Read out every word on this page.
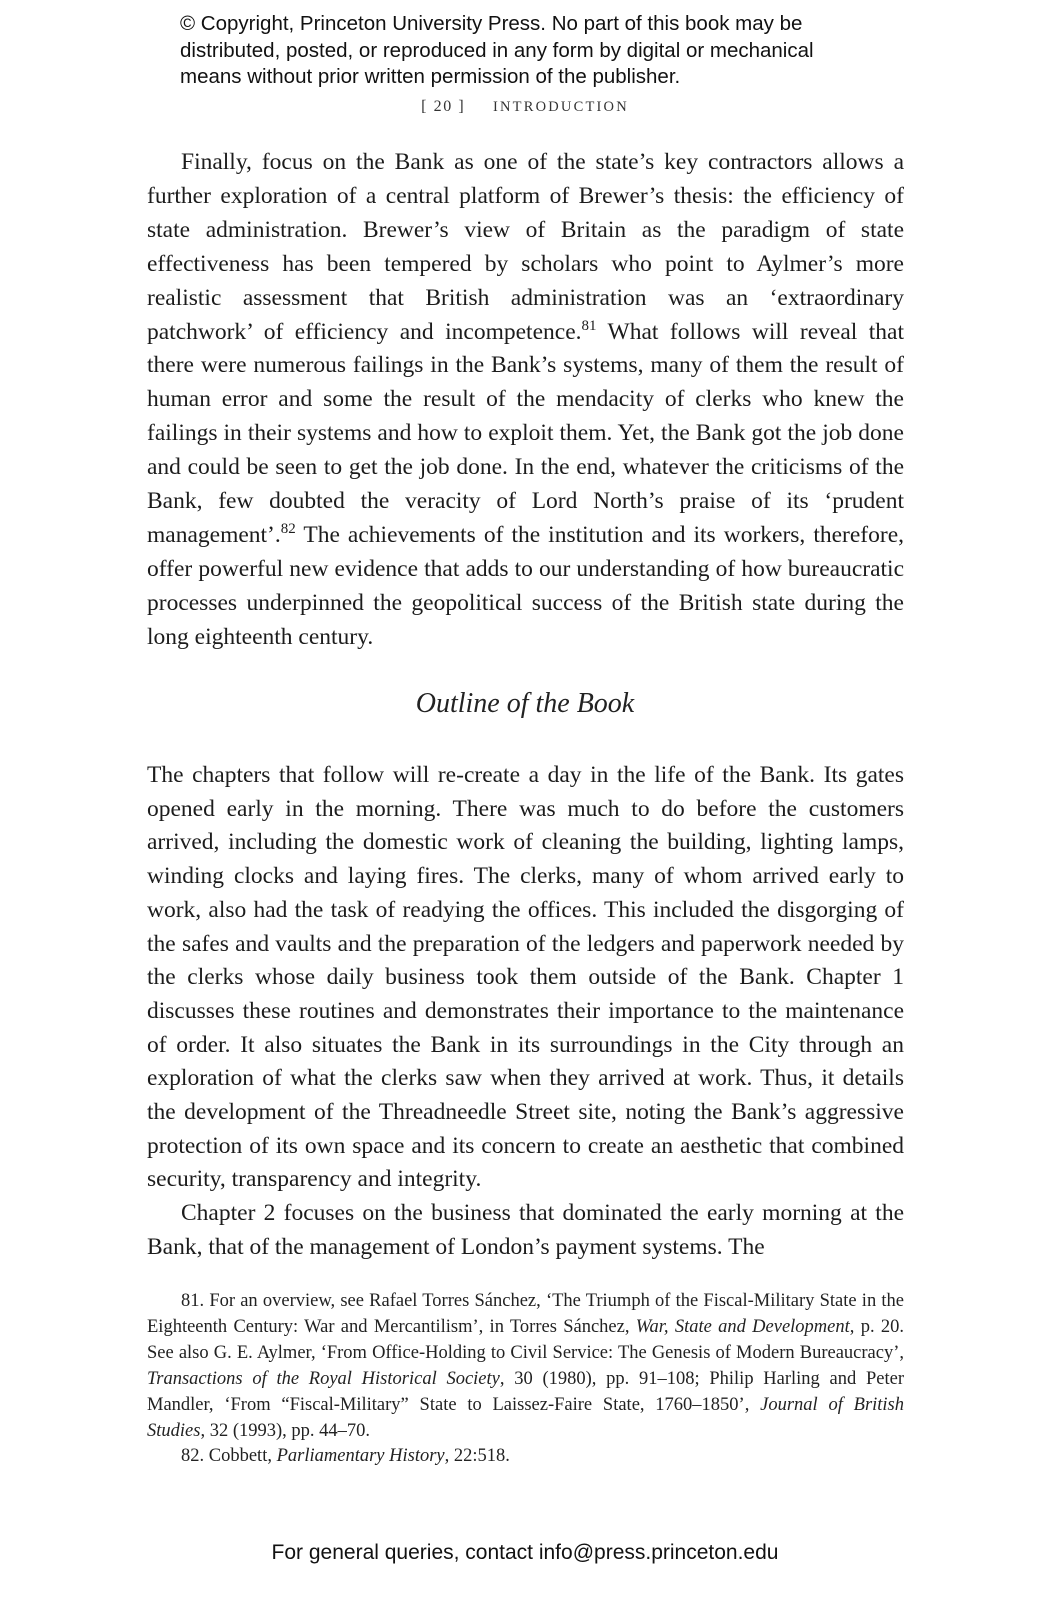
© Copyright, Princeton University Press. No part of this book may be
distributed, posted, or reproduced in any form by digital or mechanical
means without prior written permission of the publisher.
[ 20 ] INTRODUCTION

Finally, focus on the Bank as one of the state’s key contractors allows a further exploration of a central platform of Brewer’s thesis: the efficiency of state administration. Brewer’s view of Britain as the paradigm of state effectiveness has been tempered by scholars who point to Aylmer’s more realistic assessment that British administration was an ‘extraordinary patchwork’ of efficiency and incompetence.$^{81}$ What follows will reveal that there were numerous failings in the Bank’s systems, many of them the result of human error and some the result of the mendacity of clerks who knew the failings in their systems and how to exploit them. Yet, the Bank got the job done and could be seen to get the job done. In the end, whatever the criticisms of the Bank, few doubted the veracity of Lord North’s praise of its ‘prudent management’.$^{82}$ The achievements of the institution and its workers, therefore, offer powerful new evidence that adds to our understanding of how bureaucratic processes underpinned the geopolitical success of the British state during the long eighteenth century.

Outline of the Book

The chapters that follow will re-create a day in the life of the Bank. Its gates opened early in the morning. There was much to do before the customers arrived, including the domestic work of cleaning the building, lighting lamps, winding clocks and laying fires. The clerks, many of whom arrived early to work, also had the task of readying the offices. This included the disgorging of the safes and vaults and the preparation of the ledgers and paperwork needed by the clerks whose daily business took them outside of the Bank. Chapter 1 discusses these routines and demonstrates their importance to the maintenance of order. It also situates the Bank in its surroundings in the City through an exploration of what the clerks saw when they arrived at work. Thus, it details the development of the Threadneedle Street site, noting the Bank’s aggressive protection of its own space and its concern to create an aesthetic that combined security, transparency and integrity.

Chapter 2 focuses on the business that dominated the early morning at the Bank, that of the management of London’s payment systems. The

81. For an overview, see Rafael Torres Sánchez, ‘The Triumph of the Fiscal-Military State in the Eighteenth Century: War and Mercantilism’, in Torres Sánchez, War, State and Development, p. 20. See also G. E. Aylmer, ‘From Office-Holding to Civil Service: The Genesis of Modern Bureaucracy’, Transactions of the Royal Historical Society, 30 (1980), pp. 91–108; Philip Harling and Peter Mandler, ‘From “Fiscal-Military” State to Laissez-Faire State, 1760–1850’, Journal of British Studies, 32 (1993), pp. 44–70.

82. Cobbett, Parliamentary History, 22:518.

For general queries, contact info@press.princeton.edu
